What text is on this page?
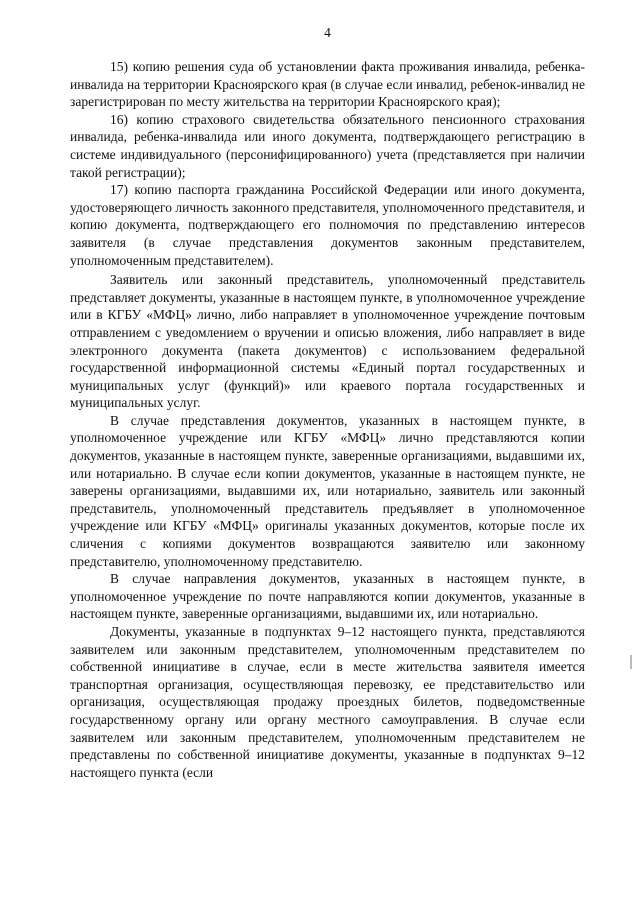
4

15) копию решения суда об установлении факта проживания инвалида, ребенка-инвалида на территории Красноярского края (в случае если инвалид, ребенок-инвалид не зарегистрирован по месту жительства на территории Красноярского края);

16) копию страхового свидетельства обязательного пенсионного страхования инвалида, ребенка-инвалида или иного документа, подтверждающего регистрацию в системе индивидуального (персонифицированного) учета (представляется при наличии такой регистрации);

17) копию паспорта гражданина Российской Федерации или иного документа, удостоверяющего личность законного представителя, уполномоченного представителя, и копию документа, подтверждающего его полномочия по представлению интересов заявителя (в случае представления документов законным представителем, уполномоченным представителем).

Заявитель или законный представитель, уполномоченный представитель представляет документы, указанные в настоящем пункте, в уполномоченное учреждение или в КГБУ «МФЦ» лично, либо направляет в уполномоченное учреждение почтовым отправлением с уведомлением о вручении и описью вложения, либо направляет в виде электронного документа (пакета документов) с использованием федеральной государственной информационной системы «Единый портал государственных и муниципальных услуг (функций)» или краевого портала государственных и муниципальных услуг.

В случае представления документов, указанных в настоящем пункте, в уполномоченное учреждение или КГБУ «МФЦ» лично представляются копии документов, указанные в настоящем пункте, заверенные организациями, выдавшими их, или нотариально. В случае если копии документов, указанные в настоящем пункте, не заверены организациями, выдавшими их, или нотариально, заявитель или законный представитель, уполномоченный представитель предъявляет в уполномоченное учреждение или КГБУ «МФЦ» оригиналы указанных документов, которые после их сличения с копиями документов возвращаются заявителю или законному представителю, уполномоченному представителю.

В случае направления документов, указанных в настоящем пункте, в уполномоченное учреждение по почте направляются копии документов, указанные в настоящем пункте, заверенные организациями, выдавшими их, или нотариально.

Документы, указанные в подпунктах 9–12 настоящего пункта, представляются заявителем или законным представителем, уполномоченным представителем по собственной инициативе в случае, если в месте жительства заявителя имеется транспортная организация, осуществляющая перевозку, ее представительство или организация, осуществляющая продажу проездных билетов, подведомственные государственному органу или органу местного самоуправления. В случае если заявителем или законным представителем, уполномоченным представителем не представлены по собственной инициативе документы, указанные в подпунктах 9–12 настоящего пункта (если
